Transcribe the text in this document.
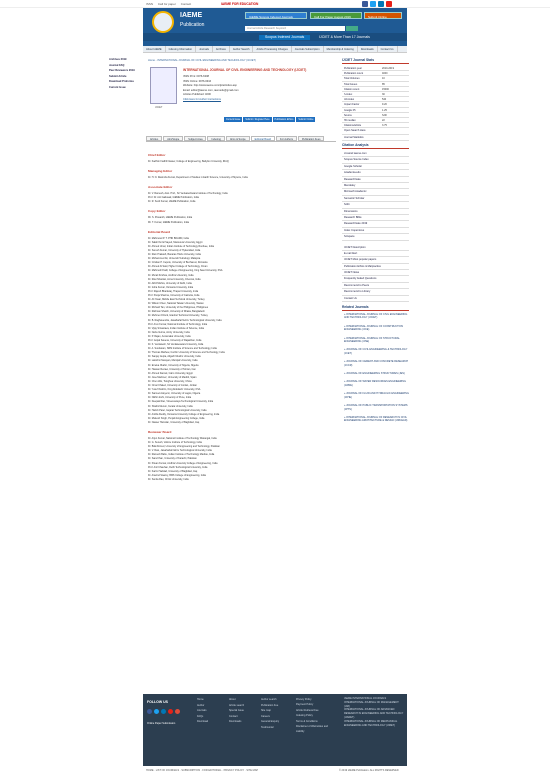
ISSN Call for paper Contact	IAEME FOR EDUCATION
IAEME
Publication
IAEME Scopus Indexed Journals	Call For Paper August 2019	Submit Online
Journal Article Research Keyword
Scopus Indexed Journals	IJCIET & More Than 17 Journals
About IAEME	Indexing Information	Journals	Archives	Author Search	Article Processing Charges	Journals Subscription	Membership & Indexing	Downloads	Contact Us
Archives 2019
Journal FAQ
Peer Reviewers 2019
Submit Article
Download Proforma
Current Issue
Home - INTERNATIONAL JOURNAL OF CIVIL ENGINEERING AND TECHNOLOGY (IJCIET)
IJCIET
INTERNATIONAL JOURNAL OF CIVIL ENGINEERING AND TECHNOLOGY (IJCIET)
ISSN Print: 0976-6308
ISSN Online: 0976-6316
Website: http://www.iaeme.com/ijciet/index.asp
Email: editor@iaeme.com, iaemedu@gmail.com
Articles Published: 4000
Click Here for Author Instructions
Current Issue	Submit / Register Here	Publication Ethics	Submit Online
Articles	Aim/Scope	Subject Area	Indexing	Aims & Scope	Editorial Board	For Authors	Publication Fees
Chief Editor
Dr. Kadhim Fadhil Nasser, College of Engineering, Babylon University, IRAQ
Managing Editor
Dr. H. N. Ravindra Kumar, Department of Studies in Earth Science, University of Mysore, India
Associate Editor
Dr. V. Ramesh, Asst. Prof., Sri Venkateshwara Institute of Technology, India
Prof. Dr. Anil Gaikwad, IAEME Publication, India
Dr. R. Sunil Kumar, IAEME Publication, India
Copy Editor
Mr. S. Prasanth, IAEME Publication, India
Mr. T. Kumar, IAEME Publication, India
Editorial Board
Dr. Mahmoud P. T. PHD BOARD, India
Dr. Salah Ibn El Sayed, Mansoura University, Egypt
Dr. Ahmed Umar, Indian Institute of Technology Roorkee, India
Dr. Suresh Kumar, University of Hyderabad, India
Dr. Ram Prakash, Banaras Hindu University, India
Dr. Mohammed Ali, Universiti Teknologi, Malaysia
Dr. Cristian P. Cepoiu, University of Bucharest, Romania
Dr. Ahmed Al Said, Higher College of Technology, Oman
Dr. Mahmod Khalil, College of Engineering, King Saud University, KSA
Dr. Murali Krishna, Andhra University, India
Dr. Ravi Shankar, Anna University, Chennai, India
Dr. Akhil Mishra, University of Delhi, India
Dr. Indra Kumar, Osmania University, India
Prof. Rajesh Bhardwaj, Thapar University, India
Prof. Pooja Sharma, University of Calcutta, India
Dr. Ali Yasar, Middle East Technical University, Turkey
Dr. Wilson Chien, National Taiwan University, Taiwan
Dr. Richard Tan, University of the Philippines, Philippines
Dr. Rahman Sheikh, University of Dhaka, Bangladesh
Dr. Mehmet Ozturk, Istanbul Technical University, Turkey
Dr. B. Raghavendra, Jawaharlal Nehru Technological University, India
Prof. Arun Kumar, National Institute of Technology, India
Dr. Vijay Srivastava, Indian Institute of Science, India
Dr. Neha Verma, Amity University, India
Dr. P. Rajan, Annamalai University, India
Prof. Gopal Saxena, University of Rajasthan, India
Dr. K. Venkatesh, Sri Venkateswara University, India
Dr. A. Sundaram, SRM Institute of Science and Technology, India
Dr. Thomas Mathew, Cochin University of Science and Technology, India
Dr. Sanjay Gupta, Aligarh Muslim University, India
Dr. Lakshmi Narayan, Manipal University, India
Dr. Emeka Okafor, University of Nigeria, Nigeria
Dr. Hassan Rezaei, University of Tehran, Iran
Dr. Ahmed Farouk, Cairo University, Egypt
Dr. Jose Martinez, University of Madrid, Spain
Dr. Chen Wei, Tsinghua University, China
Dr. Omar Khaled, University of Jordan, Jordan
Dr. Yusuf Ibrahim, King Abdulaziz University, KSA
Dr. Samuel Adeyemi, University of Lagos, Nigeria
Dr. Nikhil Joshi, University of Pune, India
Dr. Deepak Rao, Visvesvaraya Technological University, India
Dr. Shalini Menon, Kerala University, India
Dr. Harish Patel, Gujarat Technological University, India
Dr. Anitha Reddy, Osmania University College of Engineering, India
Dr. Mukesh Singh, Punjab Engineering College, India
Dr. Nasser Hamdan, University of Baghdad, Iraq
Reviewer Board
Dr. Arjun Kumar, National Institute of Technology Warangal, India
Dr. G. Suresh, Vellore Institute of Technology, India
Dr. Bilal Ahmed, University of Engineering and Technology, Pakistan
Dr. V. Ravi, Jawaharlal Nehru Technological University, India
Dr. Ramesh Babu, Indian Institute of Technology Madras, India
Dr. Sara Khan, University of Karachi, Pakistan
Dr. Pavan Kumar, Andhra University College of Engineering, India
Prof. Anil Chauhan, Delhi Technological University, India
Dr. Karim Haddad, University of Baghdad, Iraq
Dr. Aravind Swamy, BMS College of Engineering, India
Dr. Sunita Rao, Christ University, India
IJCIET Journal Stats
Publication year	2010-2019
Publication count	4000
Total Volumes	10
Total Issues	85
Citation count	15000
h-index	30
i10-index	540
Impact Factor	9.20
Google h5	1.25
Source	SJR
h5 median	22
Citations/article	3.75
Open Search Here
Journal Statistics
Citation Analysis
crossref.iaeme.com
Scopus Source Index
Google Scholar
Academia.edu
ResearchGate
Mendeley
Microsoft Academic
Semantic Scholar
Scilit
Dimensions
Research Bible
ResearchGate 2019
Index Copernicus
Scispace
IJCIET Description
E-mail Alert
IJCIET Most popular papers
Publication Ethics & Malpractice
IJCIET News
Frequently Asked Questions
Recommend to Peers
Recommend to Library
Contact Us
Related Journals
» INTERNATIONAL JOURNAL OF CIVIL ENGINEERING AND TECHNOLOGY (IJCIET)
» INTERNATIONAL JOURNAL OF CONSTRUCTION ENGINEERING (IJCE)
» INTERNATIONAL JOURNAL OF STRUCTURAL ENGINEERING (IJSE)
» JOURNAL OF CIVIL ENGINEERING & TECHNOLOGY (JCET)
» JOURNAL OF CEMENT AND CONCRETE RESEARCH (JCCR)
» JOURNAL OF ENGINEERING STRUCTURES (JES)
» JOURNAL OF WATER RESOURCES ENGINEERING (JWRE)
» JOURNAL OF FLUID AND HYDRAULIC ENGINEERING (JFHE)
» JOURNAL OF PUBLIC TRANSPORTATION SYSTEMS (JPTS)
» INTERNATIONAL JOURNAL OF RESEARCH IN CIVIL ENGINEERING ARCHITECTURE & DESIGN (IJRCEAD)
FOLLOW US
Online Paper Submission
Home
Author
Journals
FAQs
Download
About
Article search
Special Issue
Contact
Downloads
Author search
Publication Fee
Site map
Careers
General Enquiry
Testimonial
Privacy Policy
Payment Policy
Article Retrieval Fee
Indexing Policy
Terms & Conditions
Disclaimer of Warranties and Liability
IAEME INTERNATIONAL JOURNALS
INTERNATIONAL JOURNAL OF MANAGEMENT (IJM)
INTERNATIONAL JOURNAL OF ADVANCED RESEARCH IN ENGINEERING AND TECHNOLOGY (IJARET)
INTERNATIONAL JOURNAL OF MECHANICAL ENGINEERING AND TECHNOLOGY (IJMET)
HOME · LIST OF JOURNALS · SUBSCRIPTION · FOR EDITORIAL · PRIVACY POLICY · SITE MAP	© 2019 IAEME Publication. ALL RIGHTS RESERVED
